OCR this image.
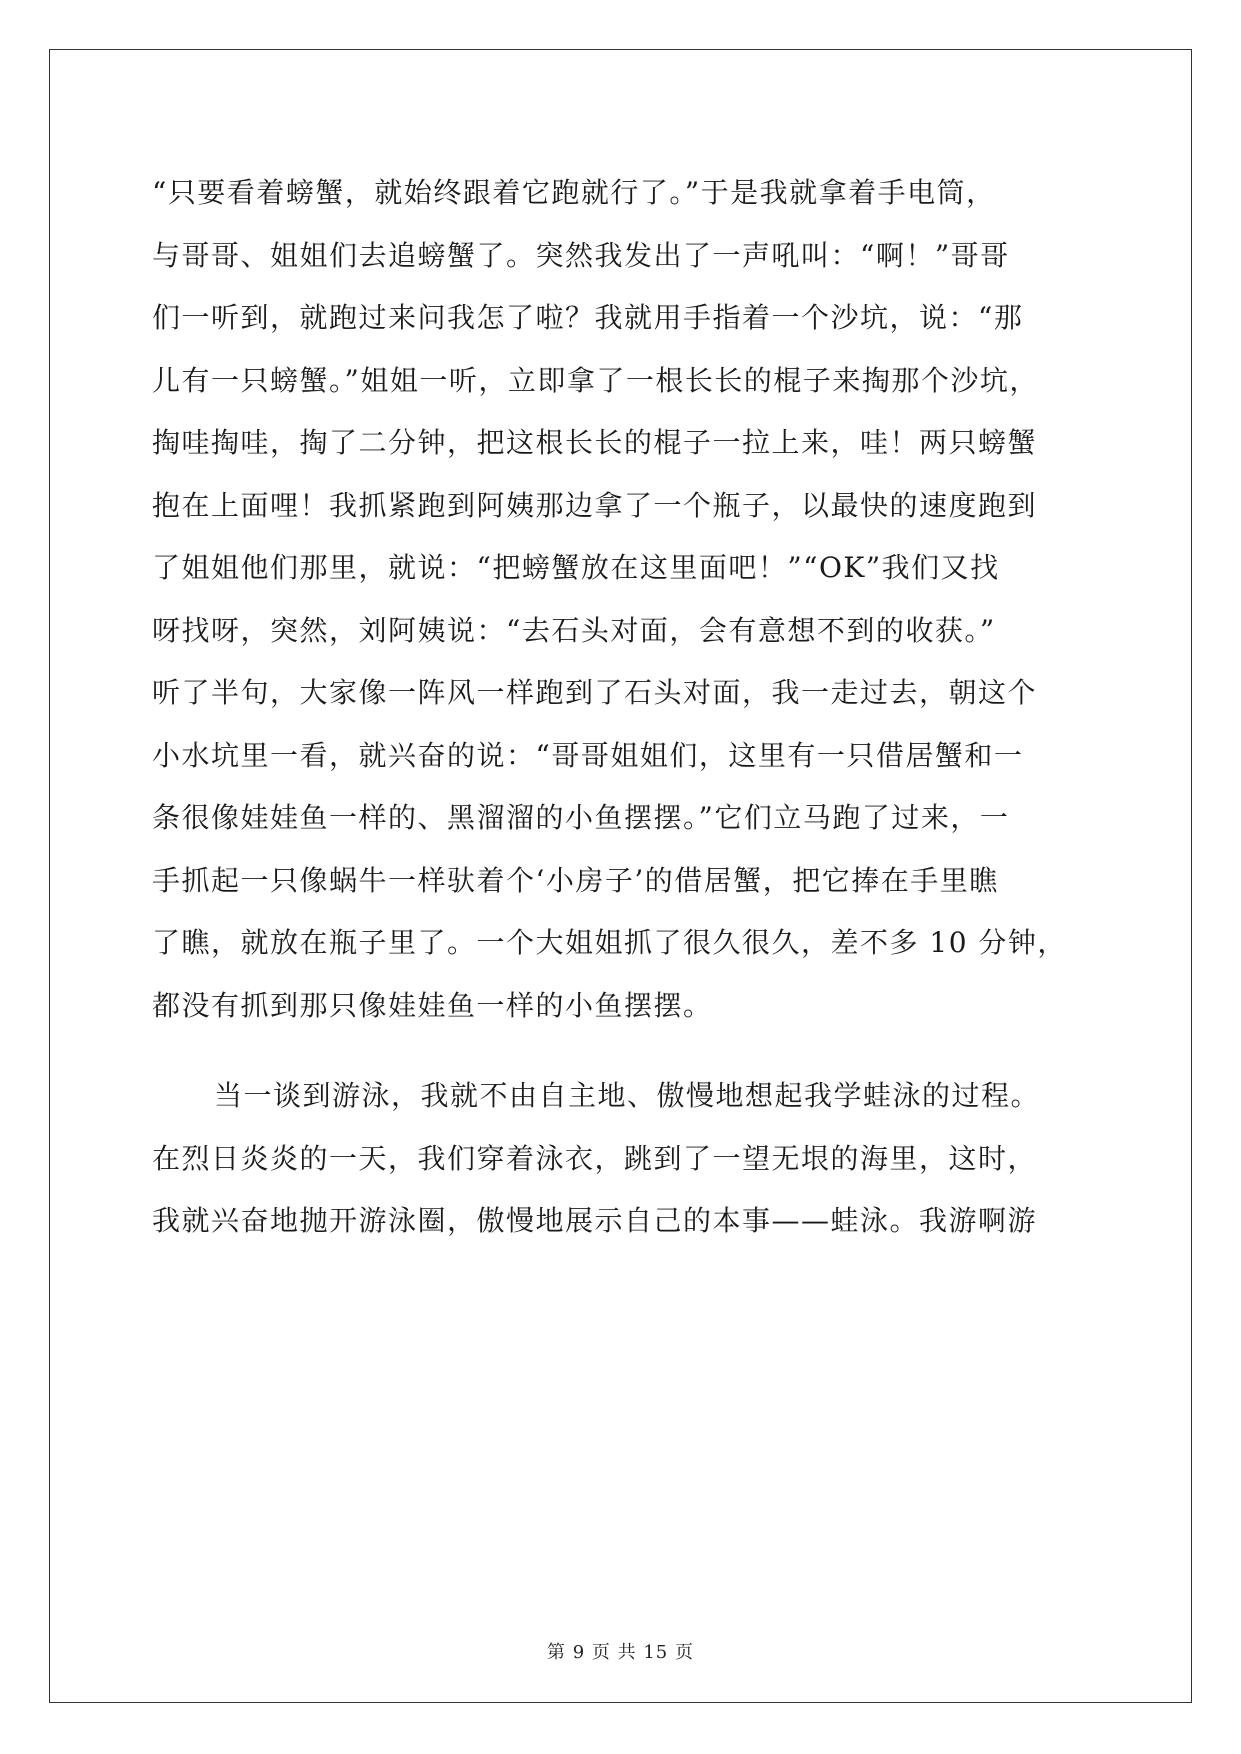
“只要看着螃蟹，就始终跟着它跑就行了。”于是我就拿着手电筒，
与哥哥、姐姐们去追螃蟹了。突然我发出了一声吼叫：“啊！”哥哥
们一听到，就跑过来问我怎了啦？我就用手指着一个沙坑，说：“那
儿有一只螃蟹。”姐姐一听，立即拿了一根长长的棍子来掏那个沙坑，
掏哇掏哇，掏了二分钟，把这根长长的棍子一拉上来，哇！两只螃蟹
抱在上面哩！我抓紧跑到阿姨那边拿了一个瓶子，以最快的速度跑到
了姐姐他们那里，就说：“把螃蟹放在这里面吧！”“OK”我们又找
呀找呀，突然，刘阿姨说：“去石头对面，会有意想不到的收获。”
听了半句，大家像一阵风一样跑到了石头对面，我一走过去，朝这个
小水坑里一看，就兴奋的说：“哥哥姐姐们，这里有一只借居蟹和一
条很像娃娃鱼一样的、黑溜溜的小鱼摆摆。”它们立马跑了过来，一
手抓起一只像蜗牛一样驮着个‘小房子’的借居蟹，把它捧在手里瞧
了瞧，就放在瓶子里了。一个大姐姐抓了很久很久，差不多 10 分钟，
都没有抓到那只像娃娃鱼一样的小鱼摆摆。
当一谈到游泳，我就不由自主地、傲慢地想起我学蛙泳的过程。
在烈日炎炎的一天，我们穿着泳衣，跳到了一望无垠的海里，这时，
我就兴奋地抛开游泳圈，傲慢地展示自己的本事——蛙泳。我游啊游
第 9 页 共 15 页
